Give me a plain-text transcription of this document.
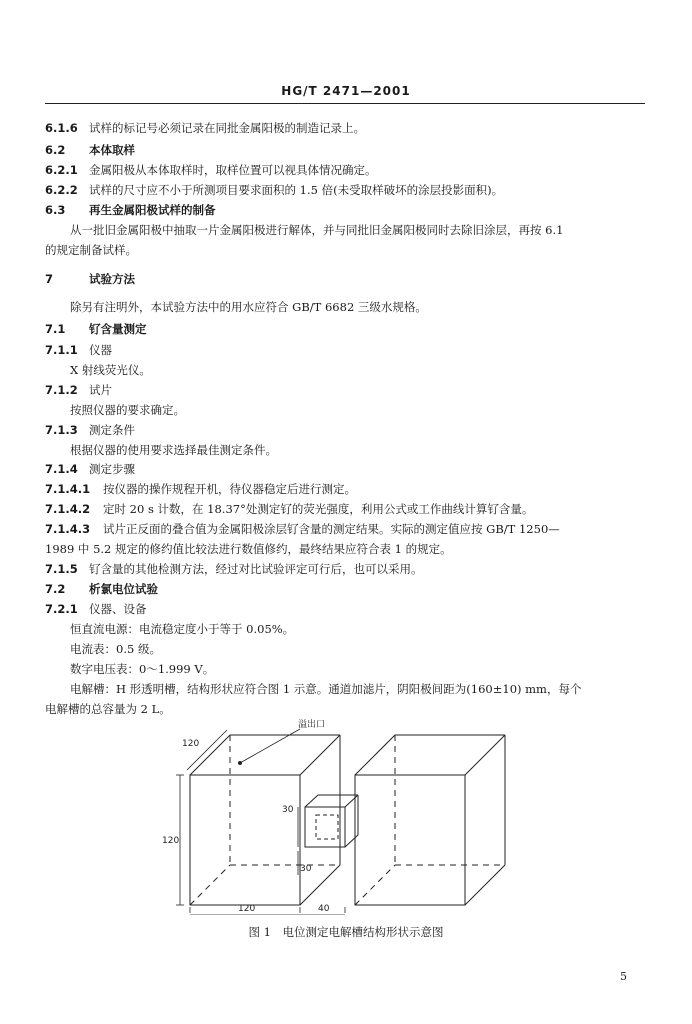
HG/T 2471—2001
6.1.6 试样的标记号必须记录在同批金属阳极的制造记录上。
6.2 本体取样
6.2.1 金属阳极从本体取样时，取样位置可以视具体情况确定。
6.2.2 试样的尺寸应不小于所测项目要求面积的 1.5 倍(未受取样破坏的涂层投影面积)。
6.3 再生金属阳极试样的制备
从一批旧金属阳极中抽取一片金属阳极进行解体，并与同批旧金属阳极同时去除旧涂层，再按 6.1
的规定制备试样。
7	试验方法
除另有注明外，本试验方法中的用水应符合 GB/T 6682 三级水规格。
7.1 钌含量测定
7.1.1 仪器
X 射线荧光仪。
7.1.2 试片
按照仪器的要求确定。
7.1.3 测定条件
根据仪器的使用要求选择最佳测定条件。
7.1.4 测定步骤
7.1.4.1 按仪器的操作规程开机，待仪器稳定后进行测定。
7.1.4.2 定时 20 s 计数，在 18.37°处测定钌的荧光强度，利用公式或工作曲线计算钌含量。
7.1.4.3 试片正反面的叠合值为金属阳极涂层钌含量的测定结果。实际的测定值应按 GB/T 1250—
1989 中 5.2 规定的修约值比较法进行数值修约，最终结果应符合表 1 的规定。
7.1.5 钌含量的其他检测方法，经过对比试验评定可行后，也可以采用。
7.2 析氯电位试验
7.2.1 仪器、设备
恒直流电源：电流稳定度小于等于 0.05%。
电流表：0.5 级。
数字电压表：0～1.999 V。
电解槽：H 形透明槽，结构形状应符合图 1 示意。通道加滤片，阴阳极间距为(160±10) mm，每个
电解槽的总容量为 2 L。
溢出口
120
120
120	40
30
30
图 1　电位测定电解槽结构形状示意图
5
